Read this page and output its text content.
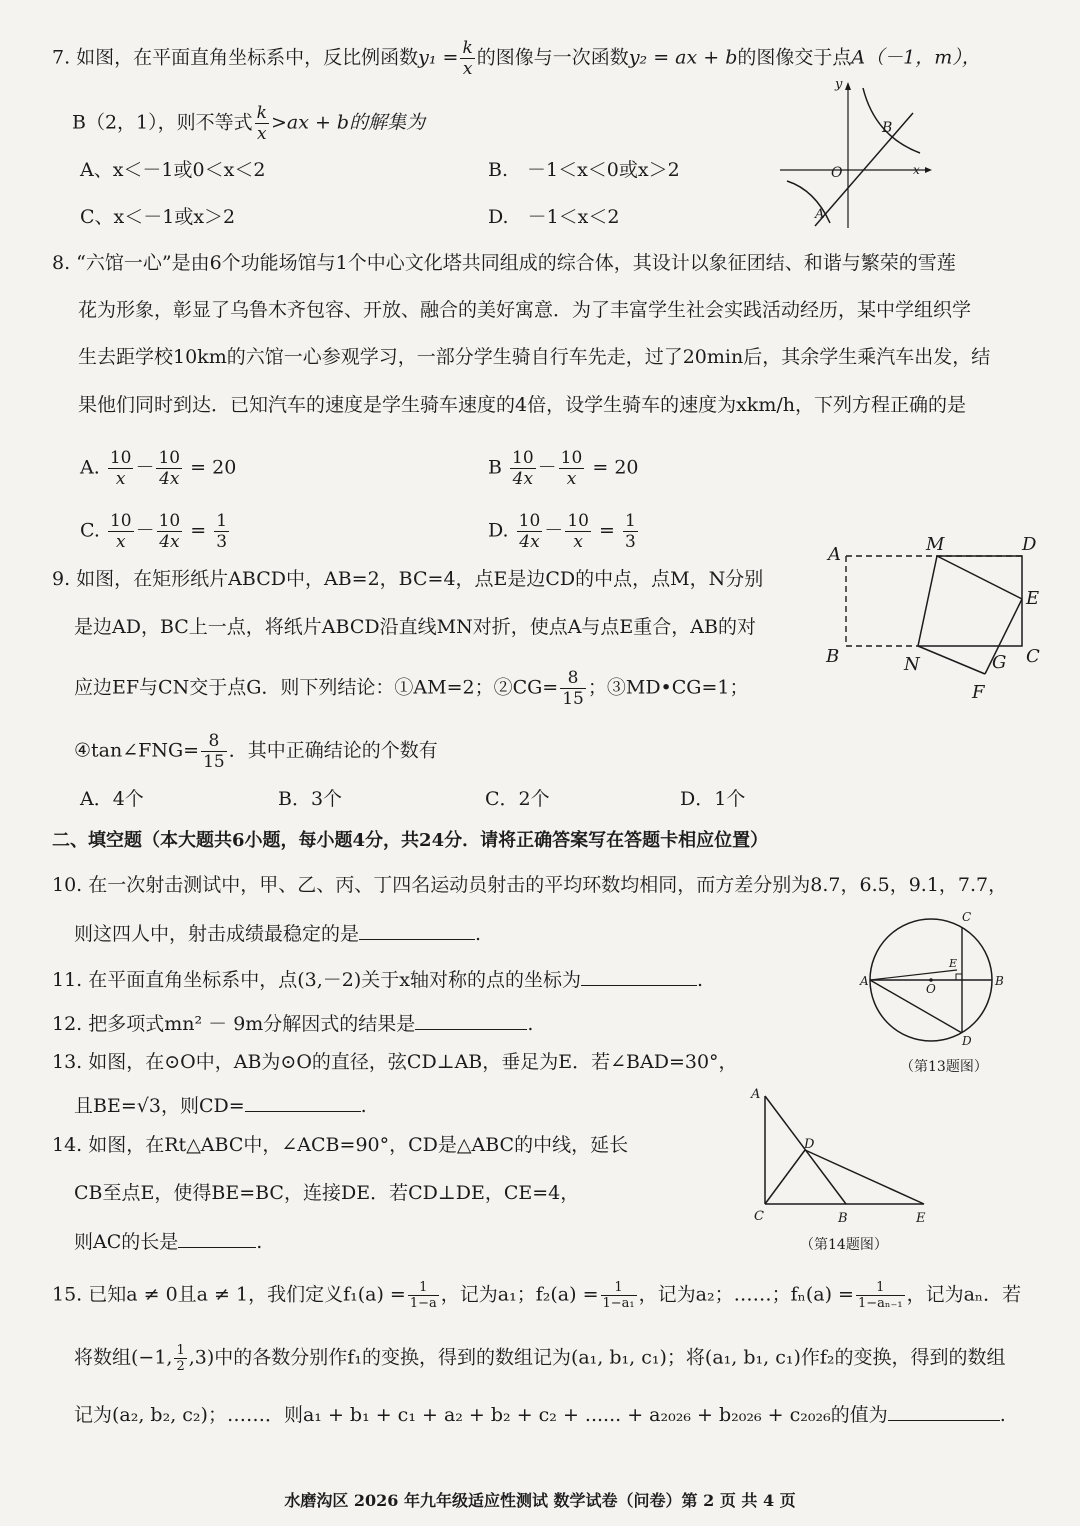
7. 如图，在平面直角坐标系中，反比例函数$y_1 = \frac{k}{x}$ 的图像与一次函数y₂ = ax + b的图像交于点A（－1，m），
B（2，1），则不等式 $\frac{k}{x} >ax + b$的解集为
A、x＜－1或0＜x＜2	B.　－1＜x＜0或x＞2
C、x＜－1或x＞2	D.　－1＜x＜2
y
x
O
A
B
8. “六馆一心”是由6个功能场馆与1个中心文化塔共同组成的综合体，其设计以象征团结、和谐与繁荣的雪莲
花为形象，彰显了乌鲁木齐包容、开放、融合的美好寓意．为了丰富学生社会实践活动经历，某中学组织学
生去距学校10km的六馆一心参观学习，一部分学生骑自行车先走，过了20min后，其余学生乘汽车出发，结
果他们同时到达．已知汽车的速度是学生骑车速度的4倍，设学生骑车的速度为xkm/h，下列方程正确的是
A. $\frac{10}{x} - \frac{10}{4x} = 20$	B $\frac{10}{4x} - \frac{10}{x} = 20$
C. $\frac{10}{x} - \frac{10}{4x} = \frac{1}{3}$	D. $\frac{10}{4x} - \frac{10}{x} = \frac{1}{3}$
9. 如图，在矩形纸片ABCD中，AB=2，BC=4，点E是边CD的中点，点M，N分别
是边AD，BC上一点，将纸片ABCD沿直线MN对折，使点A与点E重合，AB的对
应边EF与CN交于点G．则下列结论：①AM=2；②CG= $\frac{8}{15}$ ；③MD•CG=1；
④tan∠FNG= $\frac{8}{15}$ ．其中正确结论的个数有
A．4个	B．3个	C．2个	D．1个
A	M	D
E
B	N	G C
F
二、填空题（本大题共6小题，每小题4分，共24分．请将正确答案写在答题卡相应位置）
10. 在一次射击测试中，甲、乙、丙、丁四名运动员射击的平均环数均相同，而方差分别为8.7，6.5，9.1，7.7，
则这四人中，射击成绩最稳定的是	.
11. 在平面直角坐标系中，点(3,－2)关于x轴对称的点的坐标为	.
12. 把多项式mn² － 9m分解因式的结果是	.
13. 如图，在⊙O中，AB为⊙O的直径，弦CD⊥AB，垂足为E．若∠BAD=30°，
且BE=√3，则CD=	.
A	B
C
D
E
O
（第13题图）
14. 如图，在Rt△ABC中，∠ACB=90°，CD是△ABC的中线，延长
CB至点E，使得BE=BC，连接DE．若CD⊥DE，CE=4，
则AC的长是	.
A
D
C	B	E
（第14题图）
15. 已知a ≠ 0且a ≠ 1，我们定义$f_1(a) = \frac{1}{1-a}$ ，记为a₁；$f_2(a) = \frac{1}{\text{1−a₁}}$ ，记为a₂；……；$f_n(a) = \frac{1}{\text{1−aₙ₋₁}}$ ，记为aₙ．若
将数组(−1, $\frac{1}{2} ,3$)中的各数分别作f₁的变换，得到的数组记为(a₁, b₁, c₁)；将(a₁, b₁, c₁)作f₂的变换，得到的数组
记为(a₂, b₂, c₂)；……．则a₁ + b₁ + c₁ + a₂ + b₂ + c₂ + ...... + a₂₀₂₆ + b₂₀₂₆ + c₂₀₂₆的值为	.
水磨沟区 2026 年九年级适应性测试 数学试卷（问卷）第 2 页 共 4 页
